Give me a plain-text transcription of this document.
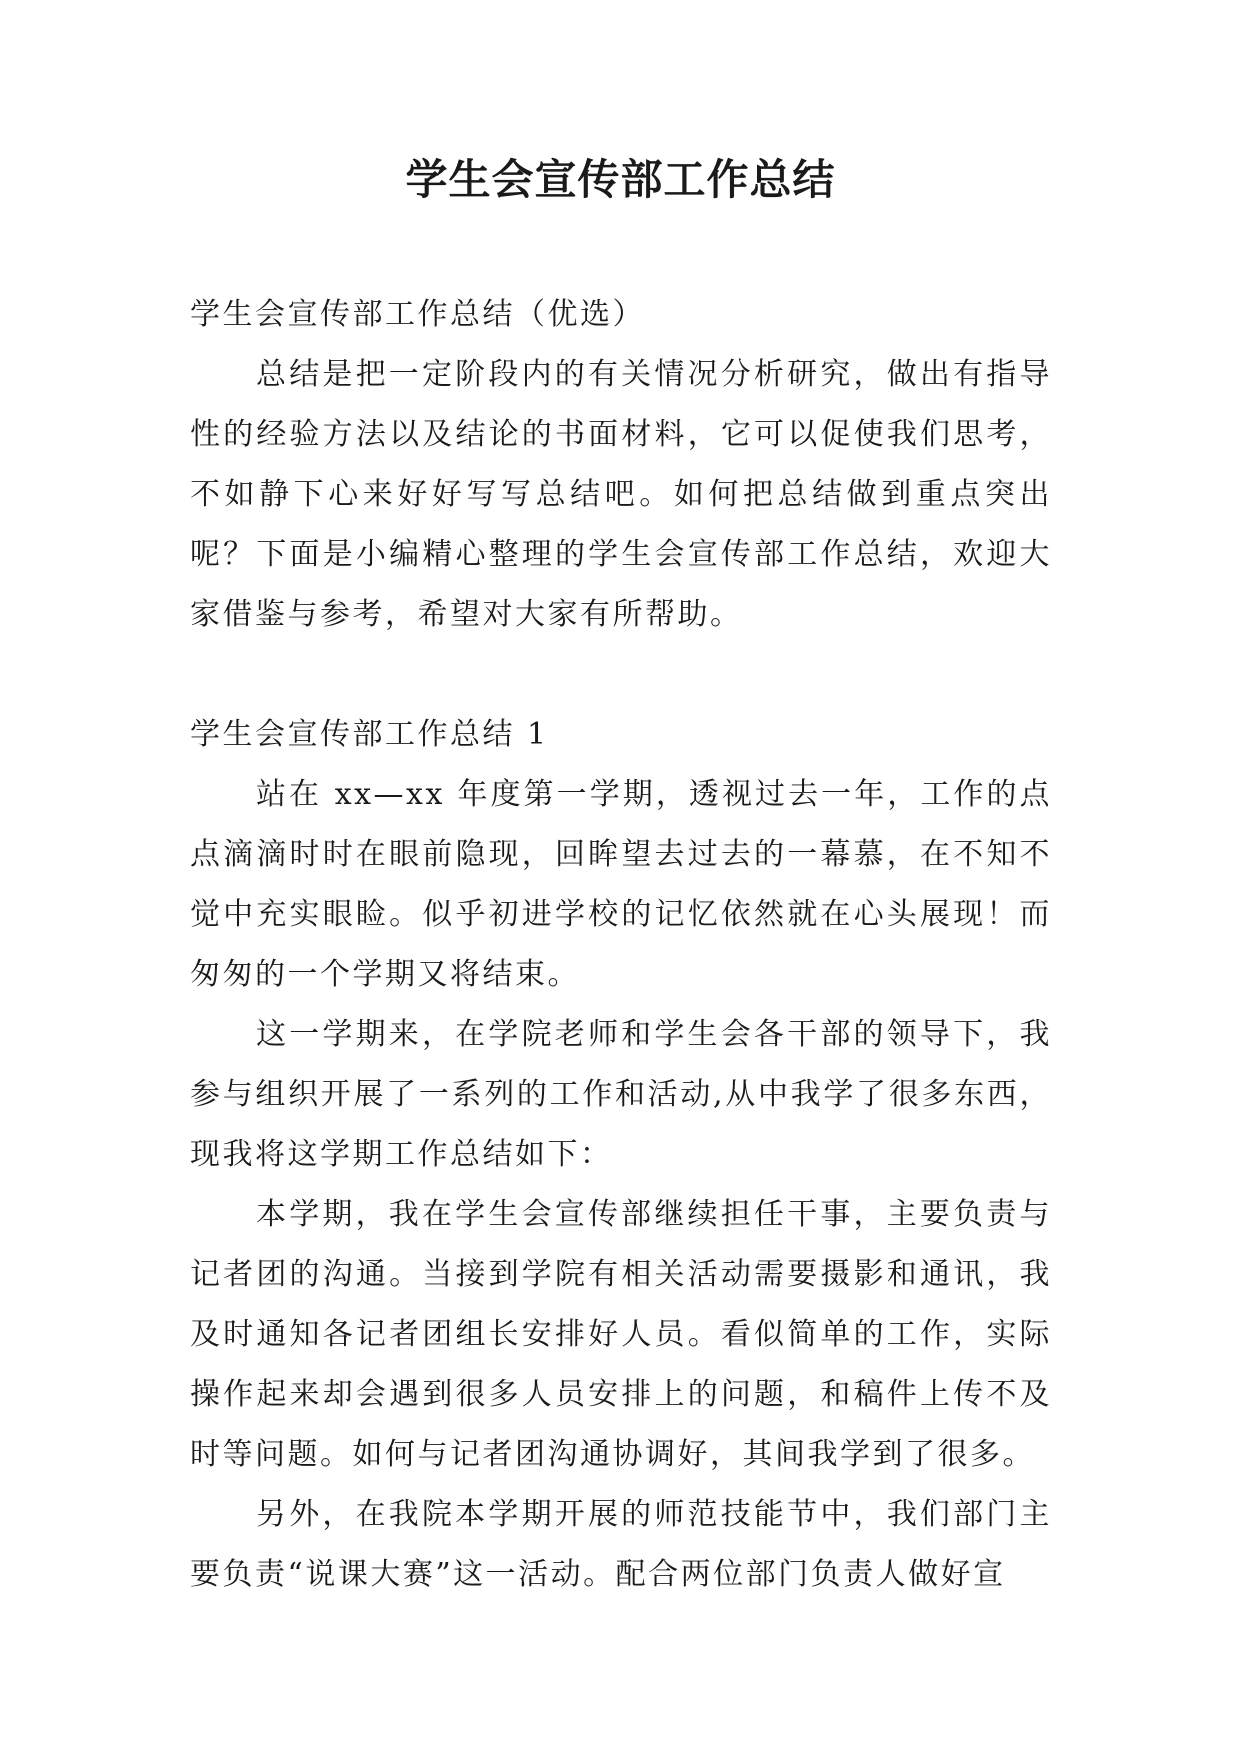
学生会宣传部工作总结

学生会宣传部工作总结（优选）

总结是把一定阶段内的有关情况分析研究，做出有指导性的经验方法以及结论的书面材料，它可以促使我们思考，不如静下心来好好写写总结吧。如何把总结做到重点突出呢？下面是小编精心整理的学生会宣传部工作总结，欢迎大家借鉴与参考，希望对大家有所帮助。

学生会宣传部工作总结 1

站在 xx—xx 年度第一学期，透视过去一年，工作的点点滴滴时时在眼前隐现，回眸望去过去的一幕慕，在不知不觉中充实眼睑。似乎初进学校的记忆依然就在心头展现！而匆匆的一个学期又将结束。

这一学期来，在学院老师和学生会各干部的领导下，我参与组织开展了一系列的工作和活动,从中我学了很多东西，现我将这学期工作总结如下：

本学期，我在学生会宣传部继续担任干事，主要负责与记者团的沟通。当接到学院有相关活动需要摄影和通讯，我及时通知各记者团组长安排好人员。看似简单的工作，实际操作起来却会遇到很多人员安排上的问题，和稿件上传不及时等问题。如何与记者团沟通协调好，其间我学到了很多。

另外，在我院本学期开展的师范技能节中，我们部门主要负责“说课大赛”这一活动。配合两位部门负责人做好宣
